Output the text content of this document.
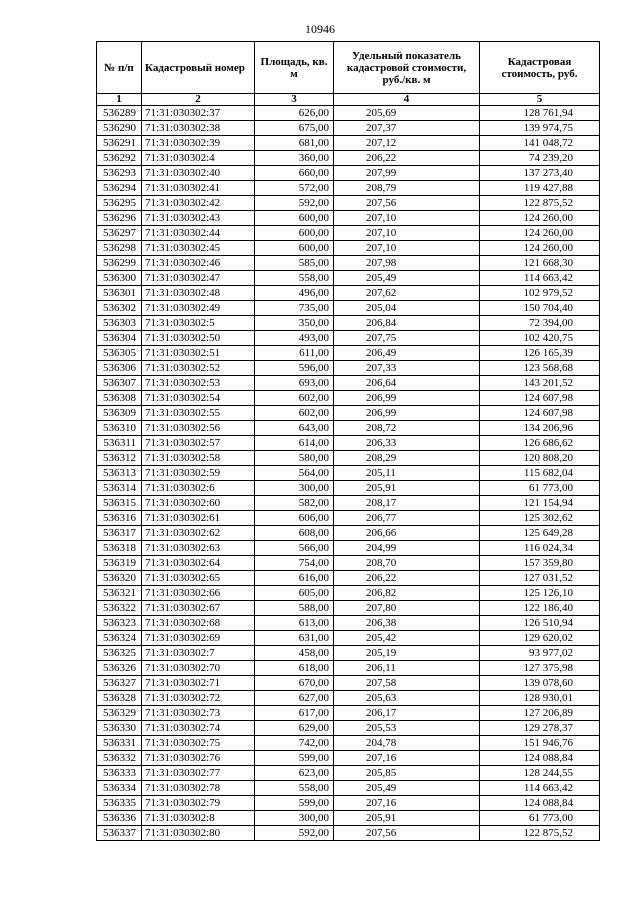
10946
№ п/п	Кадастровый номер	Площадь, кв. м	Удельный показатель кадастровой стоимости, руб./кв. м	Кадастровая стоимость, руб.
1	2	3	4	5
536289	71:31:030302:37	626,00	205,69	128 761,94
536290	71:31:030302:38	675,00	207,37	139 974,75
536291	71:31:030302:39	681,00	207,12	141 048,72
536292	71:31:030302:4	360,00	206,22	74 239,20
536293	71:31:030302:40	660,00	207,99	137 273,40
536294	71:31:030302:41	572,00	208,79	119 427,88
536295	71:31:030302:42	592,00	207,56	122 875,52
536296	71:31:030302:43	600,00	207,10	124 260,00
536297	71:31:030302:44	600,00	207,10	124 260,00
536298	71:31:030302:45	600,00	207,10	124 260,00
536299	71:31:030302:46	585,00	207,98	121 668,30
536300	71:31:030302:47	558,00	205,49	114 663,42
536301	71:31:030302:48	496,00	207,62	102 979,52
536302	71:31:030302:49	735,00	205,04	150 704,40
536303	71:31:030302:5	350,00	206,84	72 394,00
536304	71:31:030302:50	493,00	207,75	102 420,75
536305	71:31:030302:51	611,00	206,49	126 165,39
536306	71:31:030302:52	596,00	207,33	123 568,68
536307	71:31:030302:53	693,00	206,64	143 201,52
536308	71:31:030302:54	602,00	206,99	124 607,98
536309	71:31:030302:55	602,00	206,99	124 607,98
536310	71:31:030302:56	643,00	208,72	134 206,96
536311	71:31:030302:57	614,00	206,33	126 686,62
536312	71:31:030302:58	580,00	208,29	120 808,20
536313	71:31:030302:59	564,00	205,11	115 682,04
536314	71:31:030302:6	300,00	205,91	61 773,00
536315	71:31:030302:60	582,00	208,17	121 154,94
536316	71:31:030302:61	606,00	206,77	125 302,62
536317	71:31:030302:62	608,00	206,66	125 649,28
536318	71:31:030302:63	566,00	204,99	116 024,34
536319	71:31:030302:64	754,00	208,70	157 359,80
536320	71:31:030302:65	616,00	206,22	127 031,52
536321	71:31:030302:66	605,00	206,82	125 126,10
536322	71:31:030302:67	588,00	207,80	122 186,40
536323	71:31:030302:68	613,00	206,38	126 510,94
536324	71:31:030302:69	631,00	205,42	129 620,02
536325	71:31:030302:7	458,00	205,19	93 977,02
536326	71:31:030302:70	618,00	206,11	127 375,98
536327	71:31:030302:71	670,00	207,58	139 078,60
536328	71:31:030302:72	627,00	205,63	128 930,01
536329	71:31:030302:73	617,00	206,17	127 206,89
536330	71:31:030302:74	629,00	205,53	129 278,37
536331	71:31:030302:75	742,00	204,78	151 946,76
536332	71:31:030302:76	599,00	207,16	124 088,84
536333	71:31:030302:77	623,00	205,85	128 244,55
536334	71:31:030302:78	558,00	205,49	114 663,42
536335	71:31:030302:79	599,00	207,16	124 088,84
536336	71:31:030302:8	300,00	205,91	61 773,00
536337	71:31:030302:80	592,00	207,56	122 875,52
